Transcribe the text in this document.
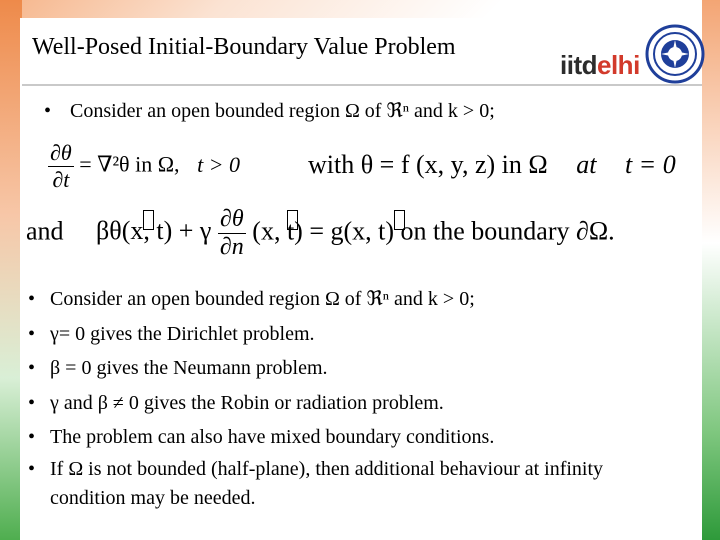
Well-Posed Initial-Boundary Value Problem
iitdelhi
• Consider an open bounded region Ω of ℜⁿ and k > 0;
$\frac{\partial\theta}{\partial t} = \nabla^2\theta$ in Ω, t > 0	with θ = f (x, y, z) in Ω at t = 0
and βθ(x, t) + γ $\frac{\partial\theta}{\partial n} (x$, t) = g(x, t) on the boundary ∂Ω.
• Consider an open bounded region Ω of ℜⁿ and k > 0;
• γ= 0 gives the Dirichlet problem.
• β = 0 gives the Neumann problem.
• γ and β ≠ 0 gives the Robin or radiation problem.
• The problem can also have mixed boundary conditions.
• If Ω is not bounded (half-plane), then additional behaviour at infinity condition may be needed.
